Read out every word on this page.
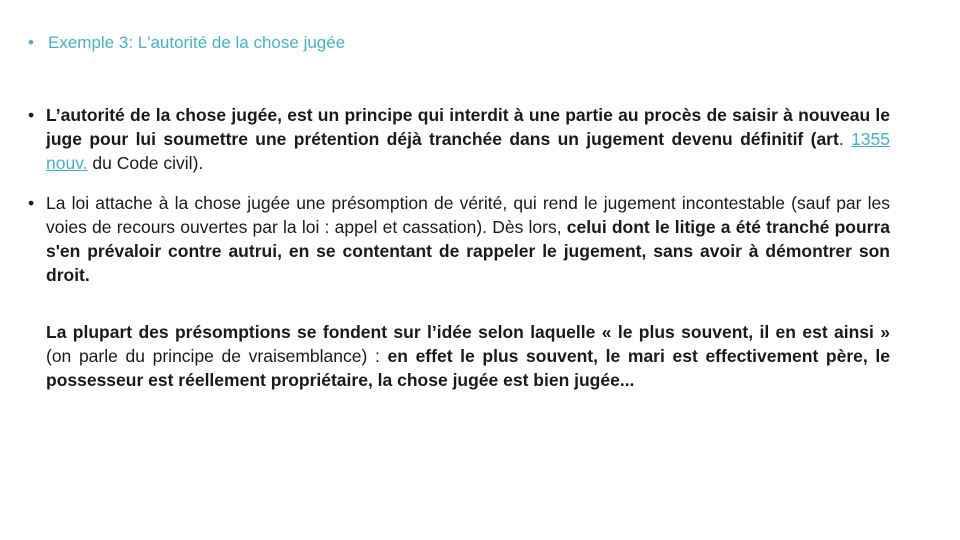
• Exemple 3: L'autorité de la chose jugée
• L’autorité de la chose jugée, est un principe qui interdit à une partie au procès de saisir à nouveau le juge pour lui soumettre une prétention déjà tranchée dans un jugement devenu définitif (art. 1355 nouv. du Code civil).
• La loi attache à la chose jugée une présomption de vérité, qui rend le jugement incontestable (sauf par les voies de recours ouvertes par la loi : appel et cassation). Dès lors, celui dont le litige a été tranché pourra s'en prévaloir contre autrui, en se contentant de rappeler le jugement, sans avoir à démontrer son droit.
La plupart des présomptions se fondent sur l’idée selon laquelle « le plus souvent, il en est ainsi » (on parle du principe de vraisemblance) : en effet le plus souvent, le mari est effectivement père, le possesseur est réellement propriétaire, la chose jugée est bien jugée...
